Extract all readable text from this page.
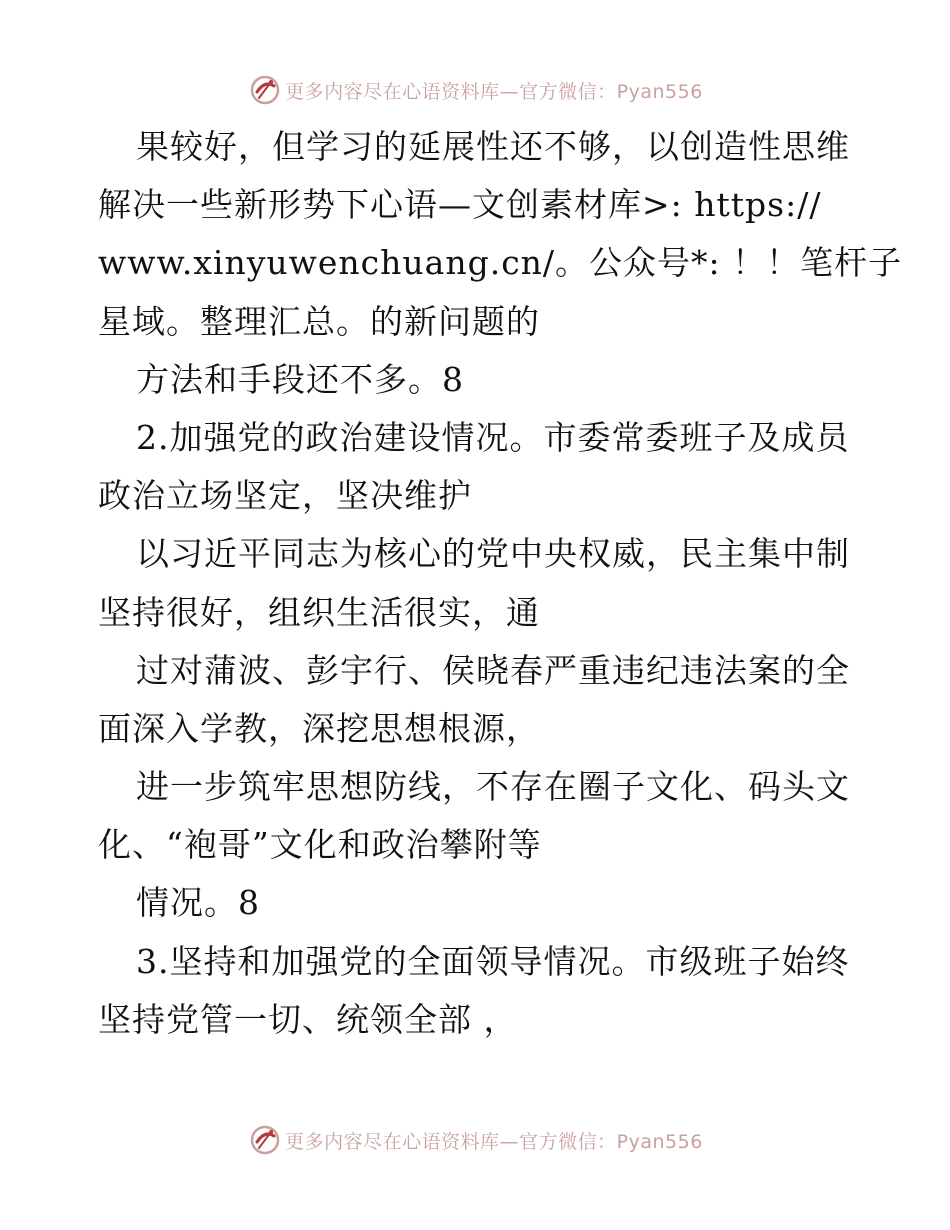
更多内容尽在心语资料库—官方微信：Pyan556
果较好，但学习的延展性还不够，以创造性思维
解决一些新形势下心语—文创素材库>: https://
www.xinyuwenchuang.cn/。公众号*: ！！笔杆子
星域。整理汇总。的新问题的
方法和手段还不多。8
2.加强党的政治建设情况。市委常委班子及成员
政治立场坚定，坚决维护
以习近平同志为核心的党中央权威，民主集中制
坚持很好，组织生活很实，通
过对蒲波、彭宇行、侯晓春严重违纪违法案的全
面深入学教，深挖思想根源，
进一步筑牢思想防线，不存在圈子文化、码头文
化、“袍哥”文化和政治攀附等
情况。8
3.坚持和加强党的全面领导情况。市级班子始终
坚持党管一切、统领全部 ，
更多内容尽在心语资料库—官方微信：Pyan556
